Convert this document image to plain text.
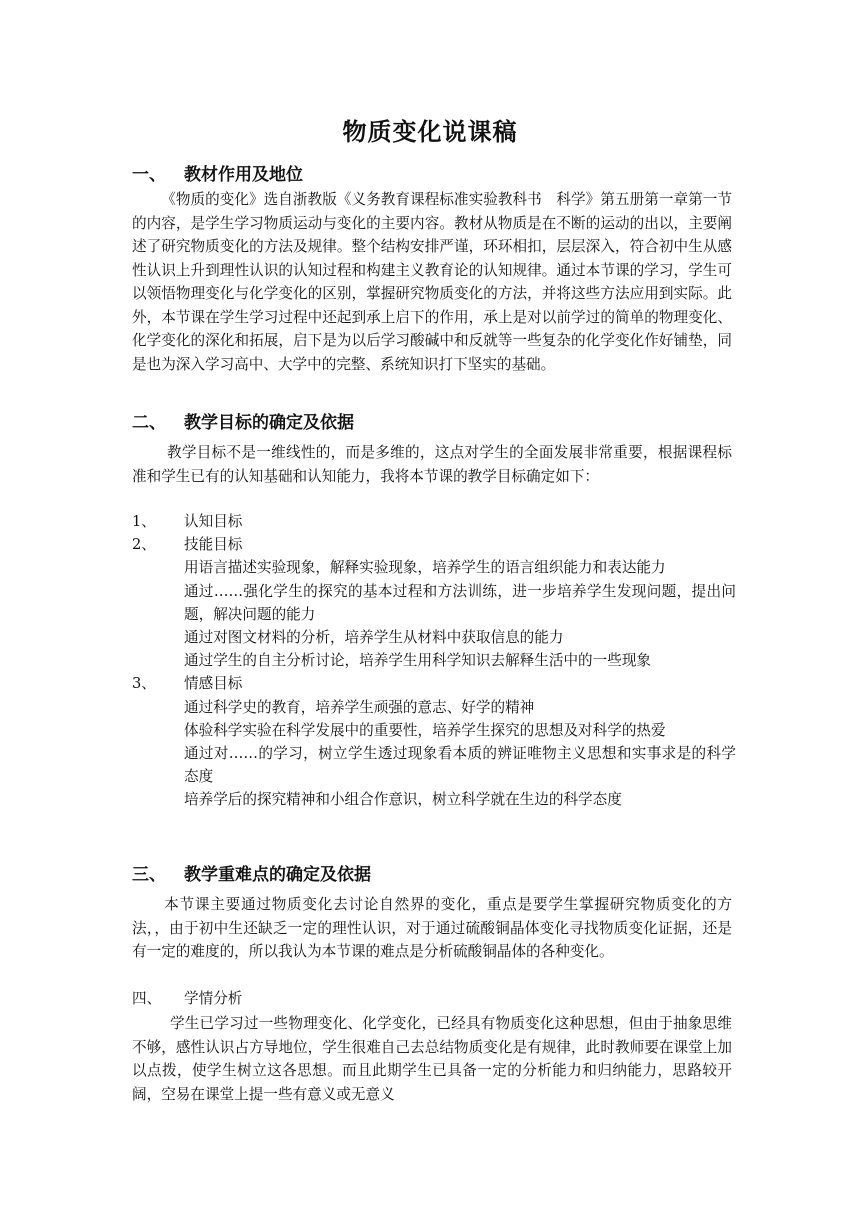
物质变化说课稿
一、 教材作用及地位

《物质的变化》选自浙教版《义务教育课程标准实验教科书　科学》第五册第一章第一节的内容，是学生学习物质运动与变化的主要内容。教材从物质是在不断的运动的出以，主要阐述了研究物质变化的方法及规律。整个结构安排严谨，环环相扣，层层深入，符合初中生从感性认识上升到理性认识的认知过程和构建主义教育论的认知规律。通过本节课的学习，学生可以领悟物理变化与化学变化的区别，掌握研究物质变化的方法，并将这些方法应用到实际。此外，本节课在学生学习过程中还起到承上启下的作用，承上是对以前学过的简单的物理变化、化学变化的深化和拓展，启下是为以后学习酸碱中和反就等一些复杂的化学变化作好铺垫，同是也为深入学习高中、大学中的完整、系统知识打下坚实的基础。

二、 教学目标的确定及依据

教学目标不是一维线性的，而是多维的，这点对学生的全面发展非常重要，根据课程标准和学生已有的认知基础和认知能力，我将本节课的教学目标确定如下：

1、 认知目标
2、 技能目标
用语言描述实验现象，解释实验现象，培养学生的语言组织能力和表达能力
通过……强化学生的探究的基本过程和方法训练，进一步培养学生发现问题，提出问题，解决问题的能力
通过对图文材料的分析，培养学生从材料中获取信息的能力
通过学生的自主分析讨论，培养学生用科学知识去解释生活中的一些现象
3、 情感目标
通过科学史的教育，培养学生顽强的意志、好学的精神
体验科学实验在科学发展中的重要性，培养学生探究的思想及对科学的热爱
通过对……的学习，树立学生透过现象看本质的辨证唯物主义思想和实事求是的科学态度
培养学后的探究精神和小组合作意识，树立科学就在生边的科学态度
三、 教学重难点的确定及依据

本节课主要通过物质变化去讨论自然界的变化，重点是要学生掌握研究物质变化的方法，，由于初中生还缺乏一定的理性认识，对于通过硫酸铜晶体变化寻找物质变化证据，还是有一定的难度的，所以我认为本节课的难点是分析硫酸铜晶体的各种变化。

四、 学情分析

学生已学习过一些物理变化、化学变化，已经具有物质变化这种思想，但由于抽象思维不够，感性认识占方导地位，学生很难自己去总结物质变化是有规律，此时教师要在课堂上加以点拨，使学生树立这各思想。而且此期学生已具备一定的分析能力和归纳能力，思路较开阔，空易在课堂上提一些有意义或无意义
